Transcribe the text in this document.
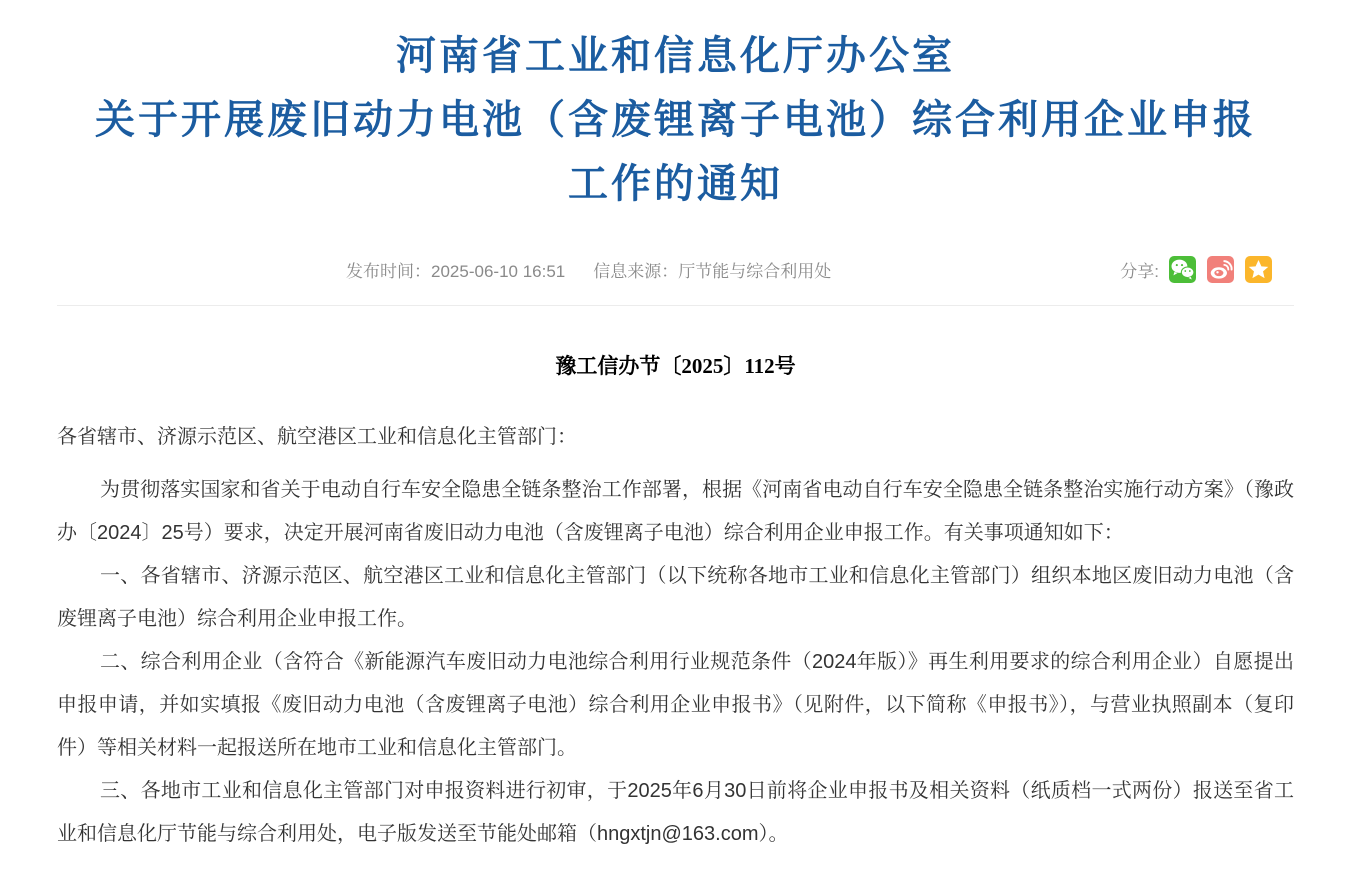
河南省工业和信息化厅办公室
关于开展废旧动力电池（含废锂离子电池）综合利用企业申报
工作的通知
发布时间：2025-06-10 16:51 信息来源：厅节能与综合利用处	分享:
豫工信办节〔2025〕112号

各省辖市、济源示范区、航空港区工业和信息化主管部门：

为贯彻落实国家和省关于电动自行车安全隐患全链条整治工作部署，根据《河南省电动自行车安全隐患全链条整治实施行动方案》（豫政办〔2024〕25号）要求，决定开展河南省废旧动力电池（含废锂离子电池）综合利用企业申报工作。有关事项通知如下：

一、各省辖市、济源示范区、航空港区工业和信息化主管部门（以下统称各地市工业和信息化主管部门）组织本地区废旧动力电池（含废锂离子电池）综合利用企业申报工作。

二、综合利用企业（含符合《新能源汽车废旧动力电池综合利用行业规范条件（2024年版）》再生利用要求的综合利用企业）自愿提出申报申请，并如实填报《废旧动力电池（含废锂离子电池）综合利用企业申报书》（见附件，以下简称《申报书》），与营业执照副本（复印件）等相关材料一起报送所在地市工业和信息化主管部门。

三、各地市工业和信息化主管部门对申报资料进行初审，于2025年6月30日前将企业申报书及相关资料（纸质档一式两份）报送至省工业和信息化厅节能与综合利用处，电子版发送至节能处邮箱（hngxtjn@163.com）。
